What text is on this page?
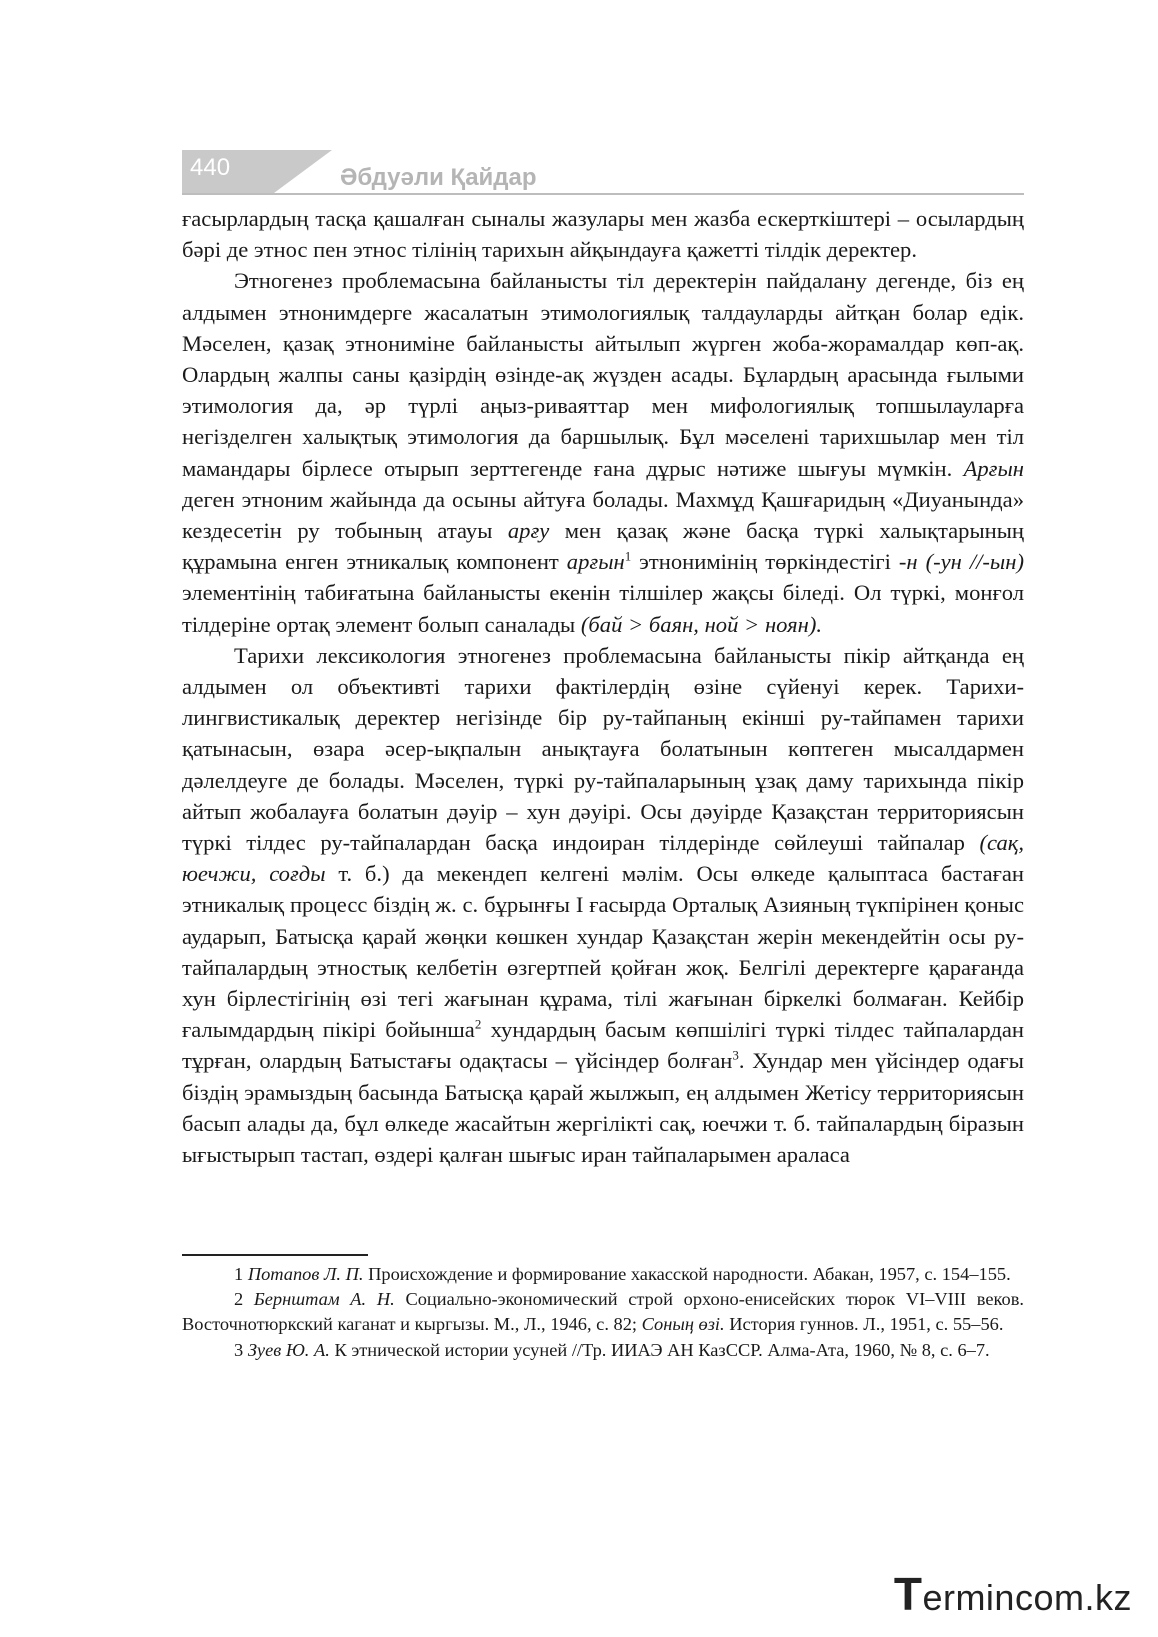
440	Әбдуәли Қайдар

ғасырлардың тасқа қашалған сыналы жазулары мен жазба ескерткіштері – осылардың бәрі де этнос пен этнос тілінің тарихын айқындауға қажетті тілдік деректер.

Этногенез проблемасына байланысты тіл деректерін пайдалану дегенде, біз ең алдымен этнонимдерге жасалатын этимологиялық талдауларды айтқан болар едік. Мәселен, қазақ этнониміне байланысты айтылып жүрген жоба-жорамалдар көп-ақ. Олардың жалпы саны қазірдің өзінде-ақ жүзден асады. Бұлардың арасында ғылыми этимология да, әр түрлі аңыз-риваяттар мен мифологиялық топшылауларға негізделген халықтық этимология да баршылық. Бұл мәселені тарихшылар мен тіл мамандары бірлесе отырып зерттегенде ғана дұрыс нәтиже шығуы мүмкін. Арғын деген этноним жайында да осыны айтуға болады. Махмұд Қашғаридың «Диуанында» кездесетін ру тобының атауы арғу мен қазақ және басқа түркі халықтарының құрамына енген этникалық компонент арғын$^1$ этнонимінің төркіндестігі -н (-ун //-ын) элементінің табиғатына байланысты екенін тілшілер жақсы біледі. Ол түркі, монғол тілдеріне ортақ элемент болып саналады (бай > баян, ной > ноян).

Тарихи лексикология этногенез проблемасына байланысты пікір айтқанда ең алдымен ол объективті тарихи фактілердің өзіне сүйенуі керек. Тарихи-лингвистикалық деректер негізінде бір ру-тайпаның екінші ру-тайпамен тарихи қатынасын, өзара әсер-ықпалын анықтауға болатынын көптеген мысалдармен дәлелдеуге де болады. Мәселен, түркі ру-тайпаларының ұзақ даму тарихында пікір айтып жобалауға болатын дәуір – хун дәуірі. Осы дәуірде Қазақстан территориясын түркі тілдес ру-тайпалардан басқа индоиран тілдерінде сөйлеуші тайпалар (сақ, юечжи, соғды т. б.) да мекендеп келгені мәлім. Осы өлкеде қалыптаса бастаған этникалық процесс біздің ж. с. бұрынғы І ғасырда Орталық Азияның түкпірінен қоныс аударып, Батысқа қарай жөңки көшкен хундар Қазақстан жерін мекендейтін осы ру-тайпалардың этностық келбетін өзгертпей қойған жоқ. Белгілі деректерге қарағанда хун бірлестігінің өзі тегі жағынан құрама, тілі жағынан біркелкі болмаған. Кейбір ғалымдардың пікірі бойынша$^2$ хундардың басым көпшілігі түркі тілдес тайпалардан тұрған, олардың Батыстағы одақтасы – үйсіндер болған$^3$. Хундар мен үйсіндер одағы біздің эрамыздың басында Батысқа қарай жылжып, ең алдымен Жетісу территориясын басып алады да, бұл өлкеде жасайтын жергілікті сақ, юечжи т. б. тайпалардың біразын ығыстырып тастап, өздері қалған шығыс иран тайпаларымен араласа

1 Потапов Л. П. Происхождение и формирование хакасской народности. Абакан, 1957, с. 154–155.

2 Бернштам А. Н. Социально-экономический строй орхоно-енисейских тюрок VI–VIII веков. Восточнотюркский каганат и кыргызы. М., Л., 1946, с. 82; Соның өзі. История гуннов. Л., 1951, с. 55–56.

3 Зуев Ю. А. К этнической истории усуней //Тр. ИИАЭ АН КазССР. Алма-Ата, 1960, № 8, с. 6–7.

Termincom.kz
